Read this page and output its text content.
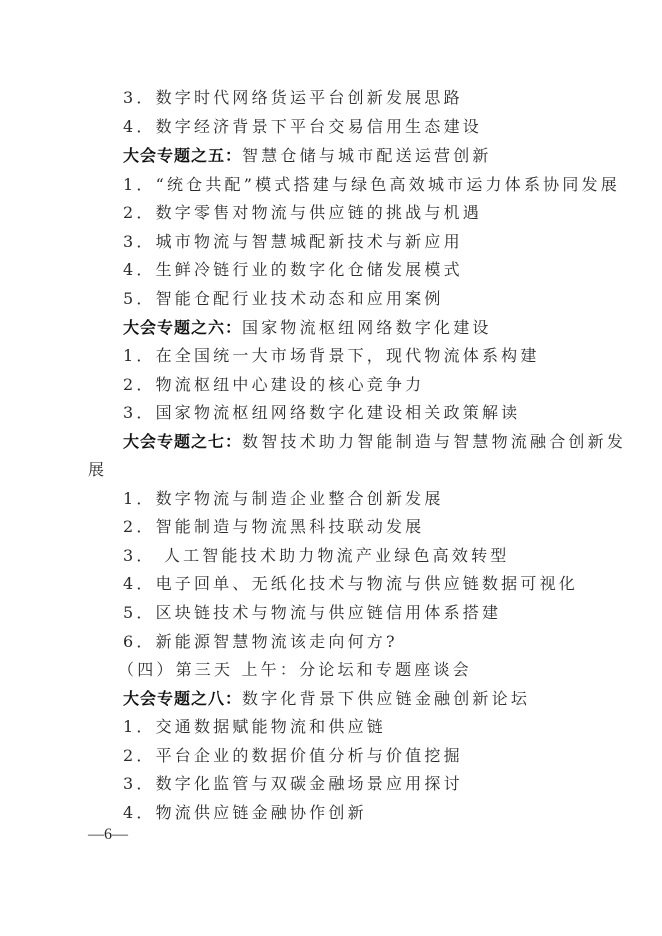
3．数字时代网络货运平台创新发展思路
4．数字经济背景下平台交易信用生态建设
大会专题之五：智慧仓储与城市配送运营创新
1．“统仓共配”模式搭建与绿色高效城市运力体系协同发展
2．数字零售对物流与供应链的挑战与机遇
3．城市物流与智慧城配新技术与新应用
4．生鲜冷链行业的数字化仓储发展模式
5．智能仓配行业技术动态和应用案例
大会专题之六：国家物流枢纽网络数字化建设
1．在全国统一大市场背景下，现代物流体系构建
2．物流枢纽中心建设的核心竞争力
3．国家物流枢纽网络数字化建设相关政策解读
大会专题之七：数智技术助力智能制造与智慧物流融合创新发
展
1．数字物流与制造企业整合创新发展
2．智能制造与物流黑科技联动发展
3． 人工智能技术助力物流产业绿色高效转型
4．电子回单、无纸化技术与物流与供应链数据可视化
5．区块链技术与物流与供应链信用体系搭建
6．新能源智慧物流该走向何方?
（四）第三天 上午：分论坛和专题座谈会
大会专题之八：数字化背景下供应链金融创新论坛
1．交通数据赋能物流和供应链
2．平台企业的数据价值分析与价值挖掘
3．数字化监管与双碳金融场景应用探讨
4．物流供应链金融协作创新
—6—
